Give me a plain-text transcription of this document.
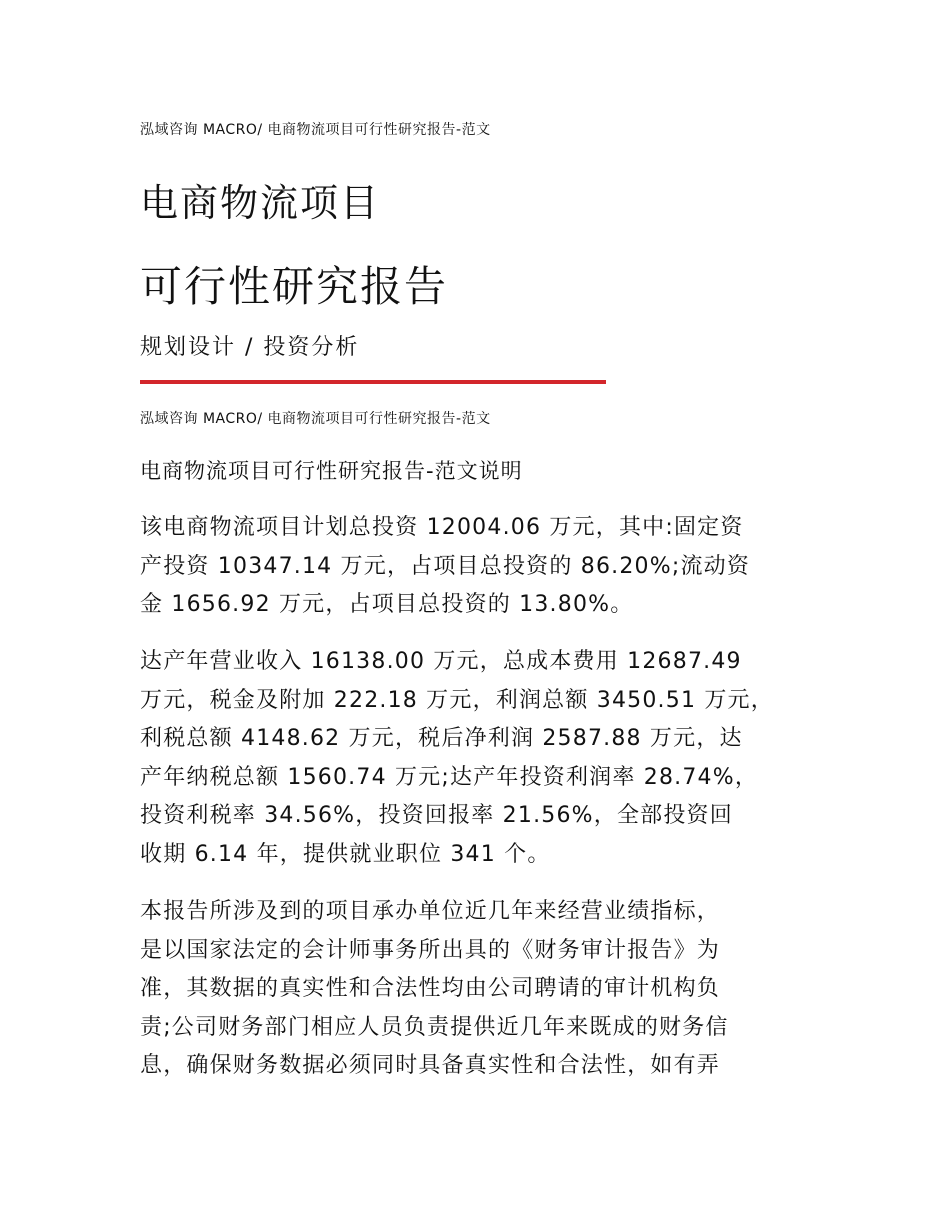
泓域咨询 MACRO/ 电商物流项目可行性研究报告-范文
电商物流项目
可行性研究报告
规划设计 / 投资分析
泓域咨询 MACRO/ 电商物流项目可行性研究报告-范文
电商物流项目可行性研究报告-范文说明

该电商物流项目计划总投资 12004.06 万元，其中:固定资
产投资 10347.14 万元，占项目总投资的 86.20%;流动资
金 1656.92 万元，占项目总投资的 13.80%。

达产年营业收入 16138.00 万元，总成本费用 12687.49
万元，税金及附加 222.18 万元，利润总额 3450.51 万元，
利税总额 4148.62 万元，税后净利润 2587.88 万元，达
产年纳税总额 1560.74 万元;达产年投资利润率 28.74%，
投资利税率 34.56%，投资回报率 21.56%，全部投资回
收期 6.14 年，提供就业职位 341 个。

本报告所涉及到的项目承办单位近几年来经营业绩指标，
是以国家法定的会计师事务所出具的《财务审计报告》为
准，其数据的真实性和合法性均由公司聘请的审计机构负
责;公司财务部门相应人员负责提供近几年来既成的财务信
息，确保财务数据必须同时具备真实性和合法性，如有弄
